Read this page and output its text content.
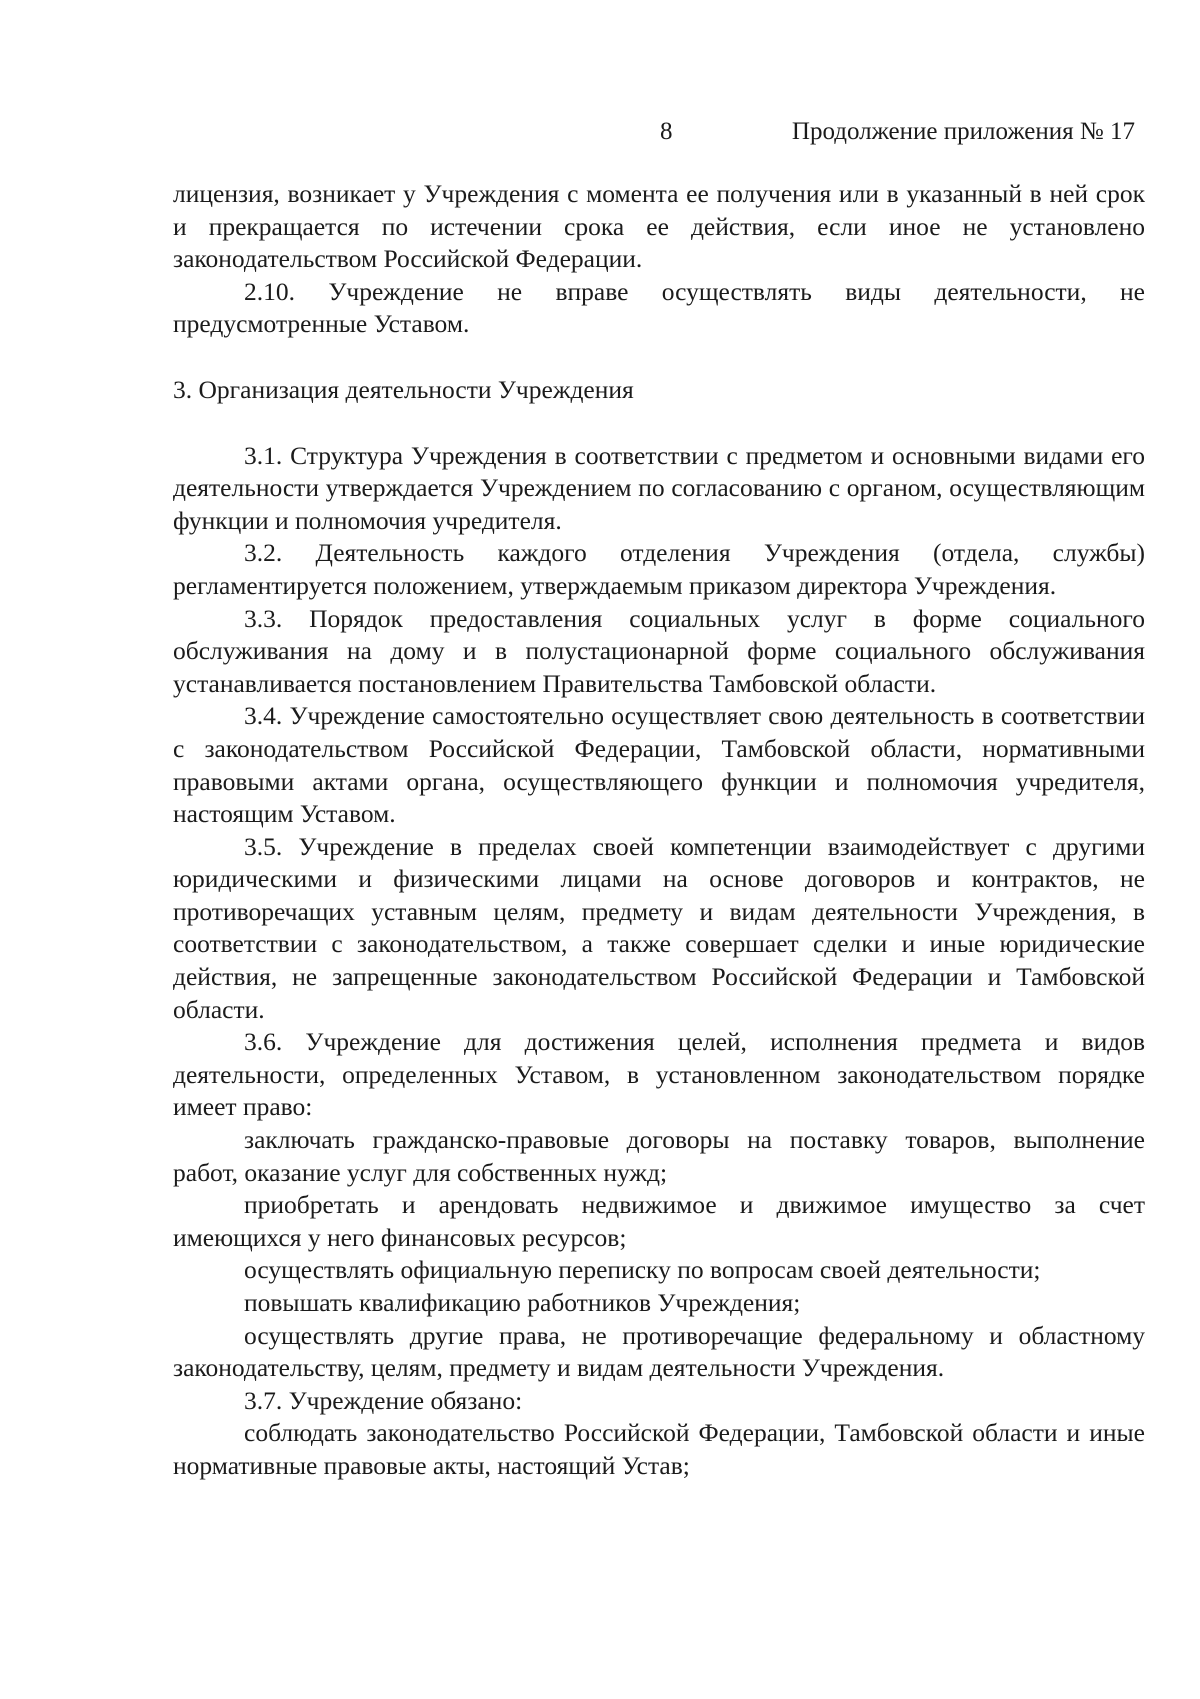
8	Продолжение приложения № 17

лицензия, возникает у Учреждения с момента ее получения или в указанный в ней срок и прекращается по истечении срока ее действия, если иное не установлено законодательством Российской Федерации.

2.10. Учреждение не вправе осуществлять виды деятельности, не предусмотренные Уставом.

3. Организация деятельности Учреждения

3.1. Структура Учреждения в соответствии с предметом и основными видами его деятельности утверждается Учреждением по согласованию с органом, осуществляющим функции и полномочия учредителя.

3.2. Деятельность каждого отделения Учреждения (отдела, службы) регламентируется положением, утверждаемым приказом директора Учреждения.

3.3. Порядок предоставления социальных услуг в форме социального обслуживания на дому и в полустационарной форме социального обслуживания устанавливается постановлением Правительства Тамбовской области.

3.4. Учреждение самостоятельно осуществляет свою деятельность в соответствии с законодательством Российской Федерации, Тамбовской области, нормативными правовыми актами органа, осуществляющего функции и полномочия учредителя, настоящим Уставом.

3.5. Учреждение в пределах своей компетенции взаимодействует с другими юридическими и физическими лицами на основе договоров и контрактов, не противоречащих уставным целям, предмету и видам деятельности Учреждения, в соответствии с законодательством, а также совершает сделки и иные юридические действия, не запрещенные законодательством Российской Федерации и Тамбовской области.

3.6. Учреждение для достижения целей, исполнения предмета и видов деятельности, определенных Уставом, в установленном законодательством порядке имеет право:

заключать гражданско-правовые договоры на поставку товаров, выполнение работ, оказание услуг для собственных нужд;

приобретать и арендовать недвижимое и движимое имущество за счет имеющихся у него финансовых ресурсов;

осуществлять официальную переписку по вопросам своей деятельности;

повышать квалификацию работников Учреждения;

осуществлять другие права, не противоречащие федеральному и областному законодательству, целям, предмету и видам деятельности Учреждения.

3.7. Учреждение обязано:

соблюдать законодательство Российской Федерации, Тамбовской области и иные нормативные правовые акты, настоящий Устав;
